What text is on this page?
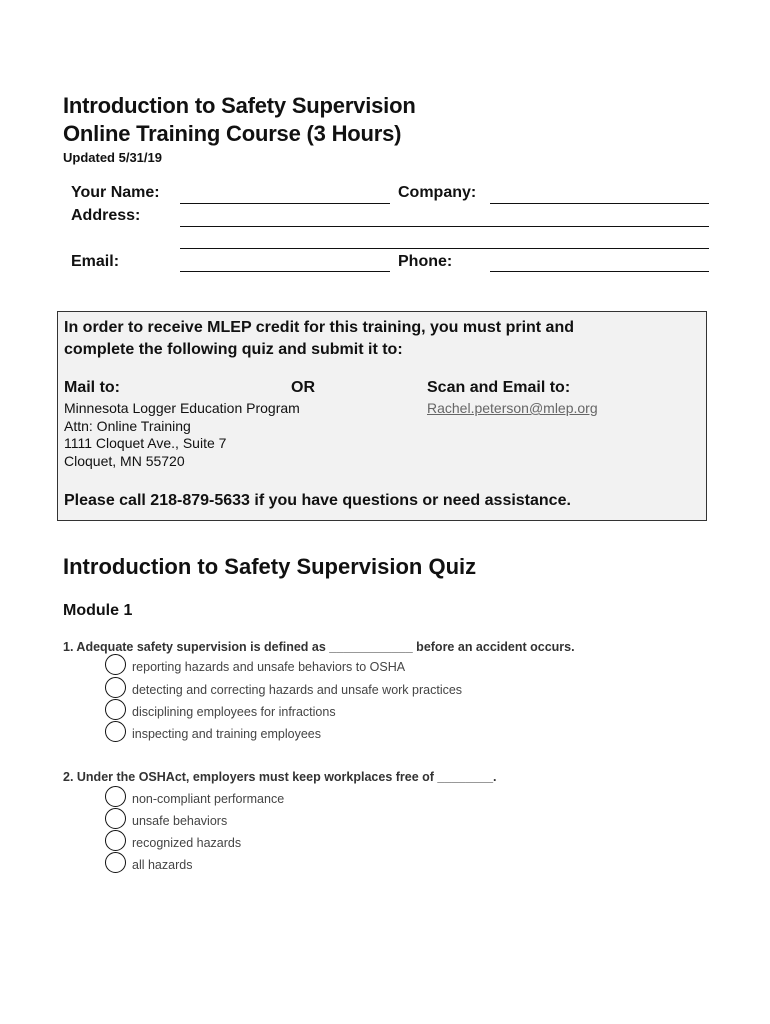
Introduction to Safety Supervision
Online Training Course (3 Hours)
Updated 5/31/19
Your Name:	Company:
Address:
Email:	Phone:
In order to receive MLEP credit for this training, you must print and
complete the following quiz and submit it to:
Mail to:	OR	Scan and Email to:
Minnesota Logger Education Program
Attn: Online Training
1111 Cloquet Ave., Suite 7
Cloquet, MN 55720
Rachel.peterson@mlep.org
Please call 218-879-5633 if you have questions or need assistance.
Introduction to Safety Supervision Quiz
Module 1
1. Adequate safety supervision is defined as ____________ before an accident occurs.
reporting hazards and unsafe behaviors to OSHA
detecting and correcting hazards and unsafe work practices
disciplining employees for infractions
inspecting and training employees
2. Under the OSHAct, employers must keep workplaces free of ________.
non-compliant performance
unsafe behaviors
recognized hazards
all hazards
